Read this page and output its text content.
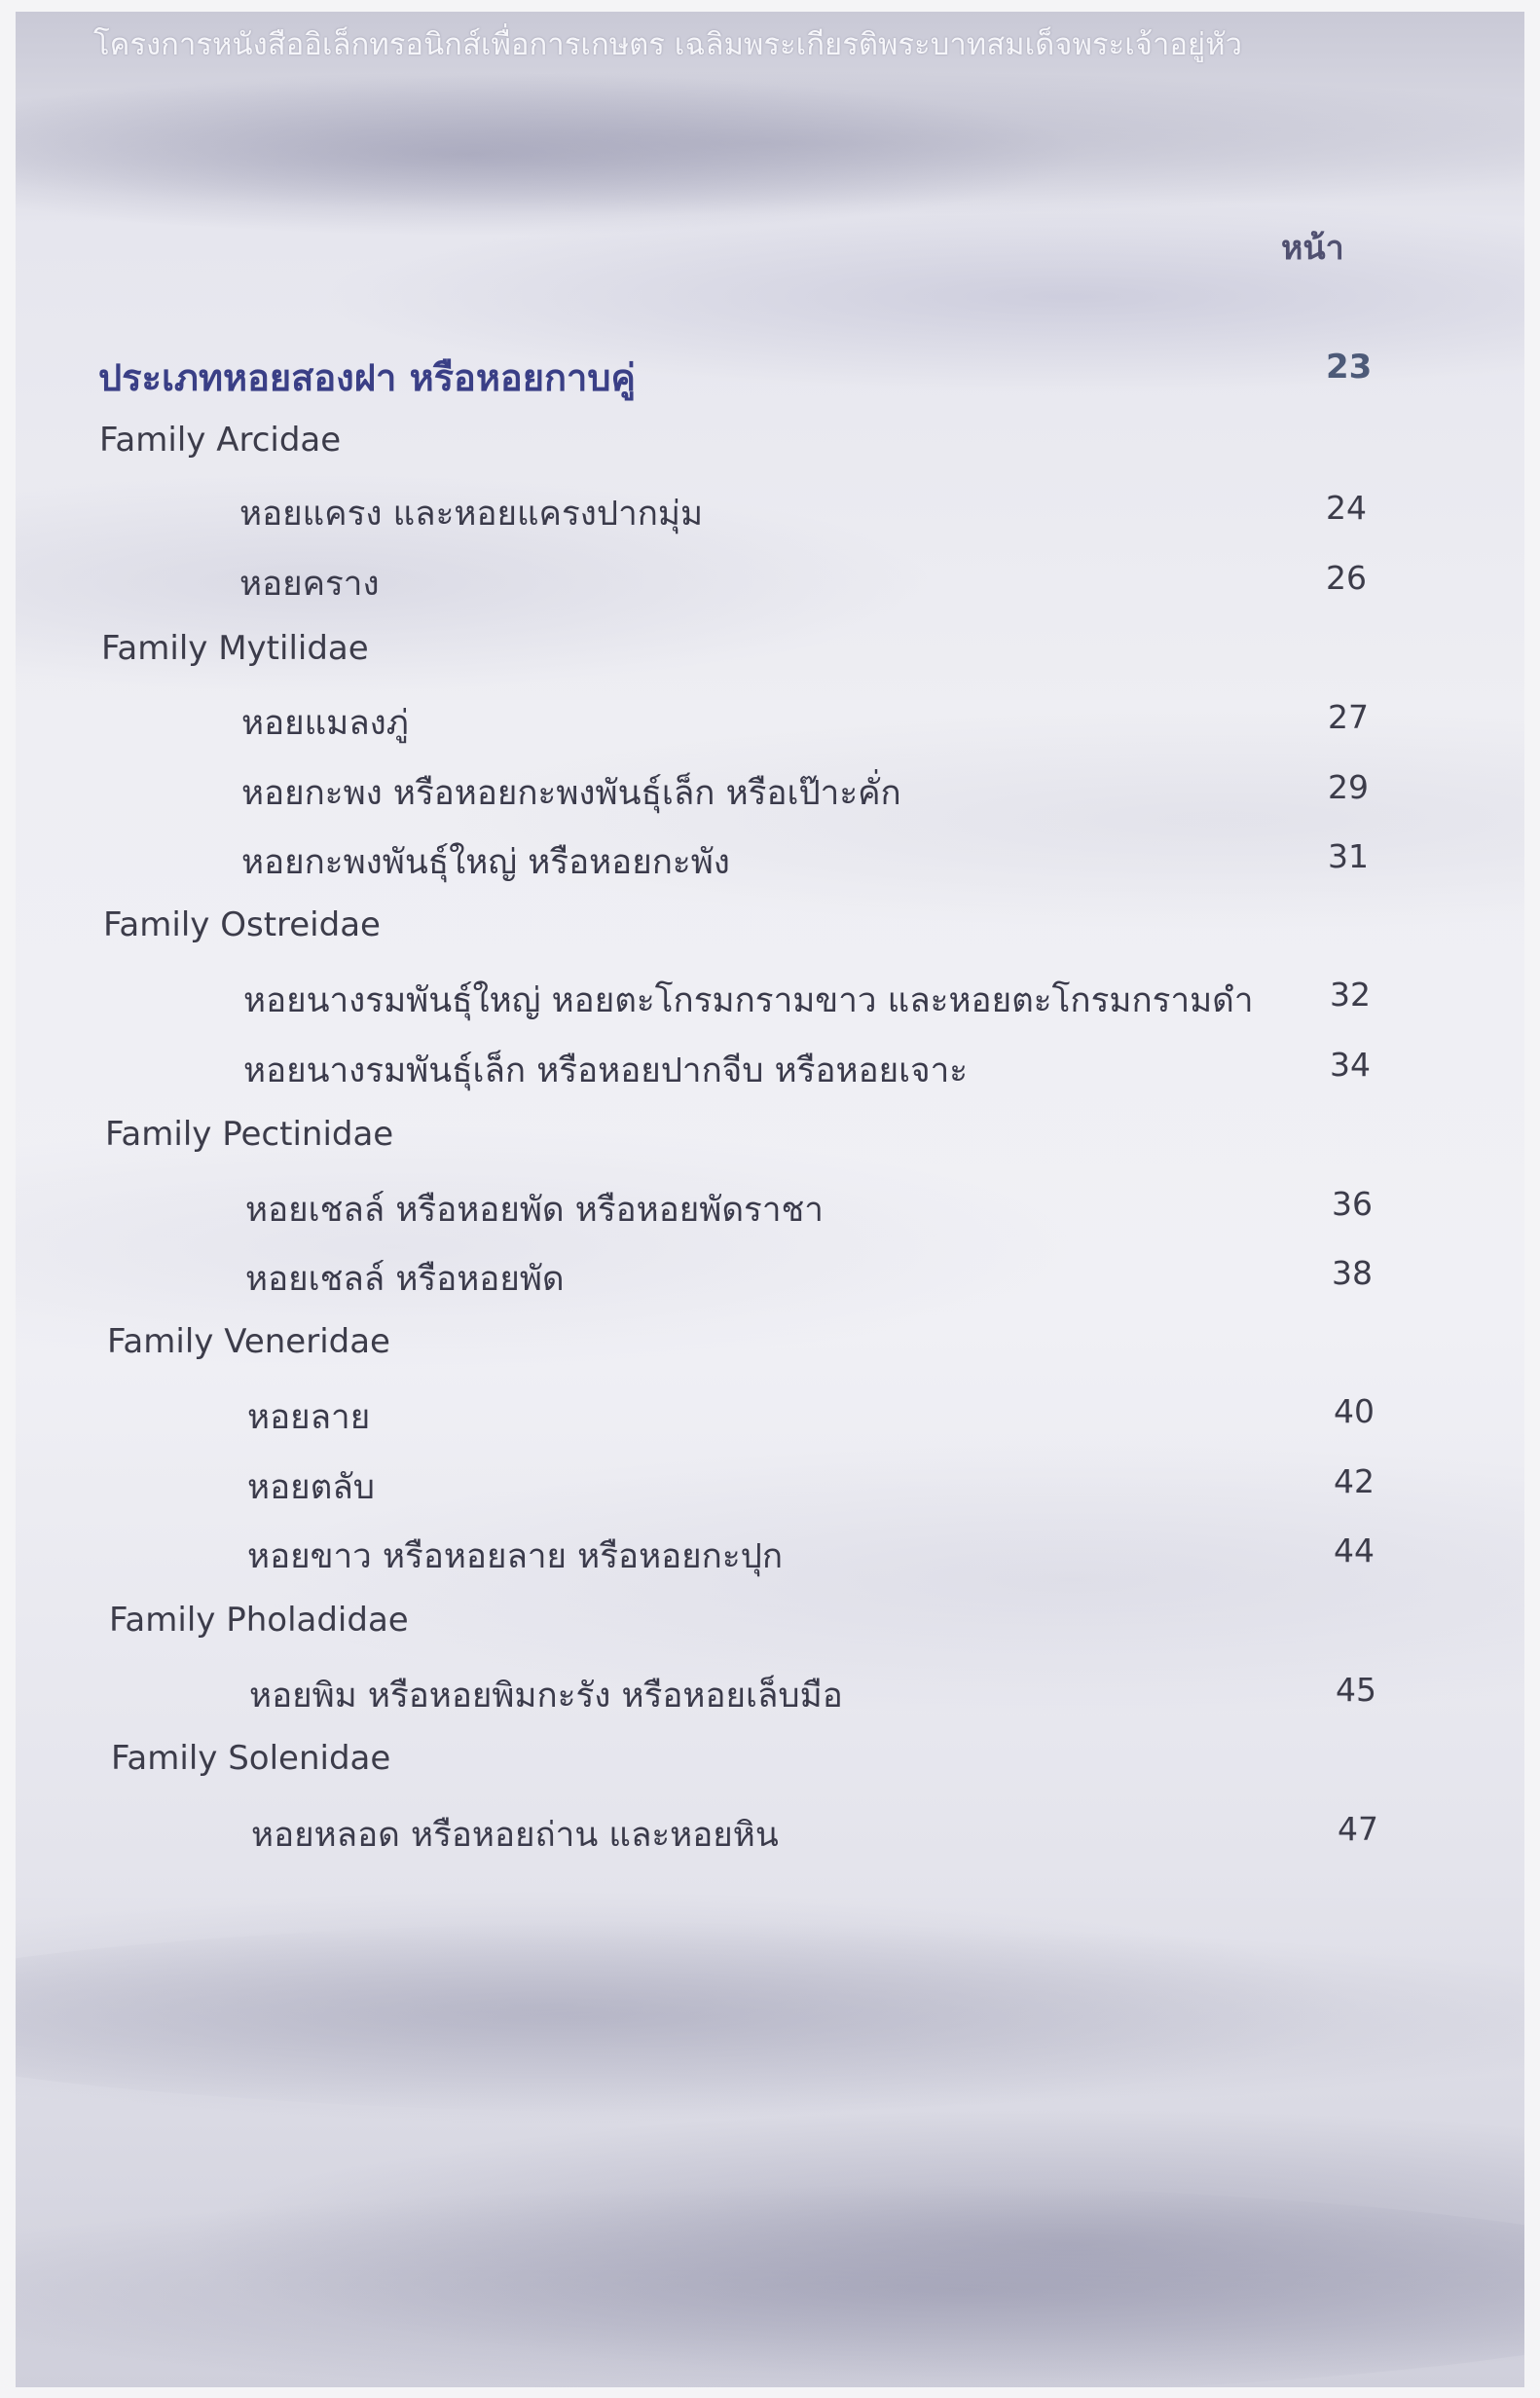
โครงการหนังสืออิเล็กทรอนิกส์เพื่อการเกษตร เฉลิมพระเกียรติพระบาทสมเด็จพระเจ้าอยู่หัว
หน้า
ประเภทหอยสองฝา หรือหอยกาบคู่	23
Family Arcidae
หอยแครง และหอยแครงปากมุ่ม	24
หอยคราง	26
Family Mytilidae
หอยแมลงภู่	27
หอยกะพง หรือหอยกะพงพันธุ์เล็ก หรือเป๊าะคั่ก	29
หอยกะพงพันธุ์ใหญ่ หรือหอยกะพัง	31
Family Ostreidae
หอยนางรมพันธุ์ใหญ่ หอยตะโกรมกรามขาว และหอยตะโกรมกรามดำ 32
หอยนางรมพันธุ์เล็ก หรือหอยปากจีบ หรือหอยเจาะ	34
Family Pectinidae
หอยเชลล์ หรือหอยพัด หรือหอยพัดราชา	36
หอยเชลล์ หรือหอยพัด	38
Family Veneridae
หอยลาย	40
หอยตลับ	42
หอยขาว หรือหอยลาย หรือหอยกะปุก	44
Family Pholadidae
หอยพิม หรือหอยพิมกะรัง หรือหอยเล็บมือ	45
Family Solenidae
หอยหลอด หรือหอยถ่าน และหอยหิน	47
